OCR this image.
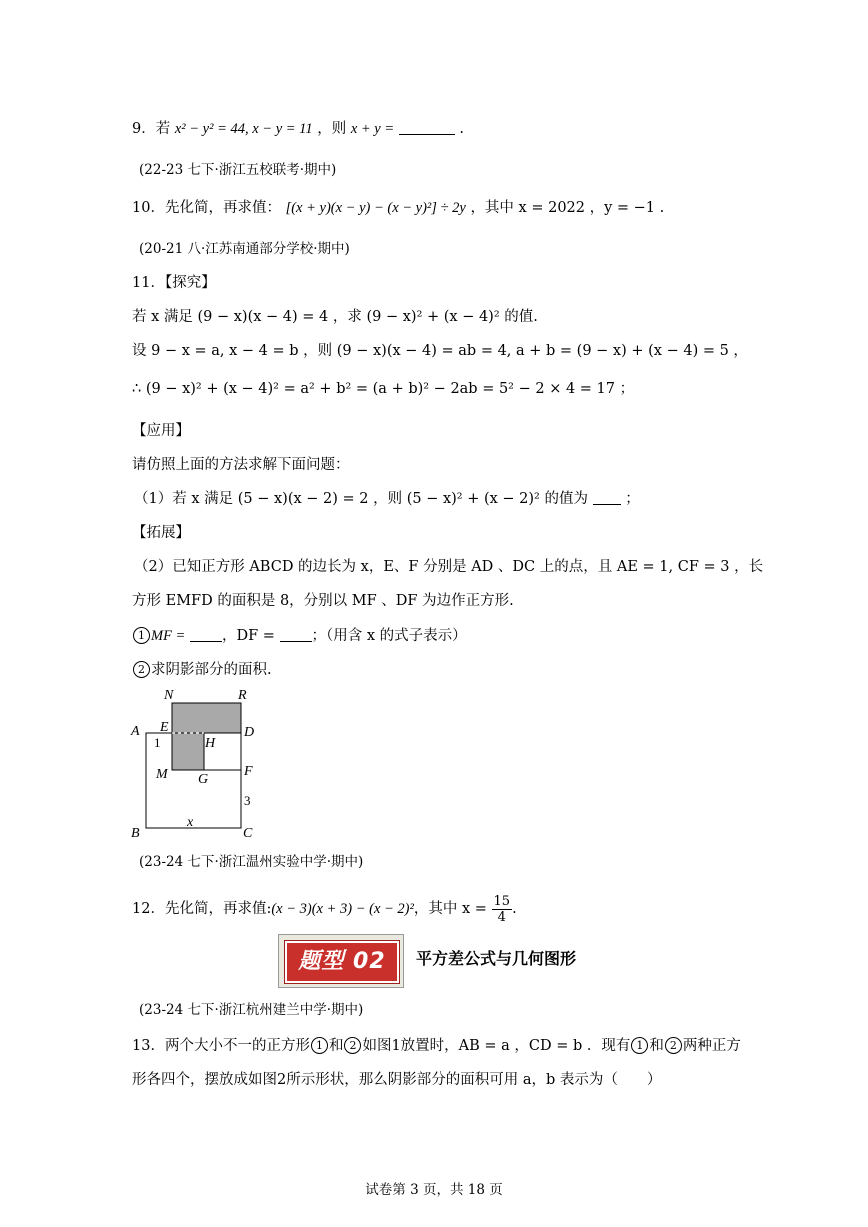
9．若 x² − y² = 44, x − y = 11 ，则 x + y =	.
(22-23 七下·浙江五校联考·期中)
10．先化简，再求值： [(x + y)(x − y) − (x − y)²] ÷ 2y ，其中 x = 2022 ，y = −1 .
(20-21 八·江苏南通部分学校·期中)
11．【探究】
若 x 满足 (9 − x)(x − 4) = 4 ，求 (9 − x)² + (x − 4)² 的值.
设 9 − x = a, x − 4 = b ，则 (9 − x)(x − 4) = ab = 4, a + b = (9 − x) + (x − 4) = 5 ，
∴ (9 − x)² + (x − 4)² = a² + b² = (a + b)² − 2ab = 5² − 2 × 4 = 17 ；
【应用】
请仿照上面的方法求解下面问题：
（1）若 x 满足 (5 − x)(x − 2) = 2 ，则 (5 − x)² + (x − 2)² 的值为	；
【拓展】
（2）已知正方形 ABCD 的边长为 x，E、F 分别是 AD 、DC 上的点，且 AE = 1, CF = 3 ，长
方形 EMFD 的面积是 8，分别以 MF 、DF 为边作正方形.
1 MF =	，DF =	；（用含 x 的式子表示）
2 求阴影部分的面积.
N	R
A E	D
1	H
M	F
G
3
B
x
C
(23-24 七下·浙江温州实验中学·期中)
12．先化简，再求值:(x − 3)(x + 3) − (x − 2)²，其中 $x = \frac{15}{4}$ .
题型 02	平方差公式与几何图形
(23-24 七下·浙江杭州建兰中学·期中)
13．两个大小不一的正方形 1 和 2 如图1放置时，AB = a ，CD = b ．现有 1 和 2 两种正方
形各四个，摆放成如图2所示形状，那么阴影部分的面积可用 a，b 表示为（　　）
试卷第 3 页，共 18 页
